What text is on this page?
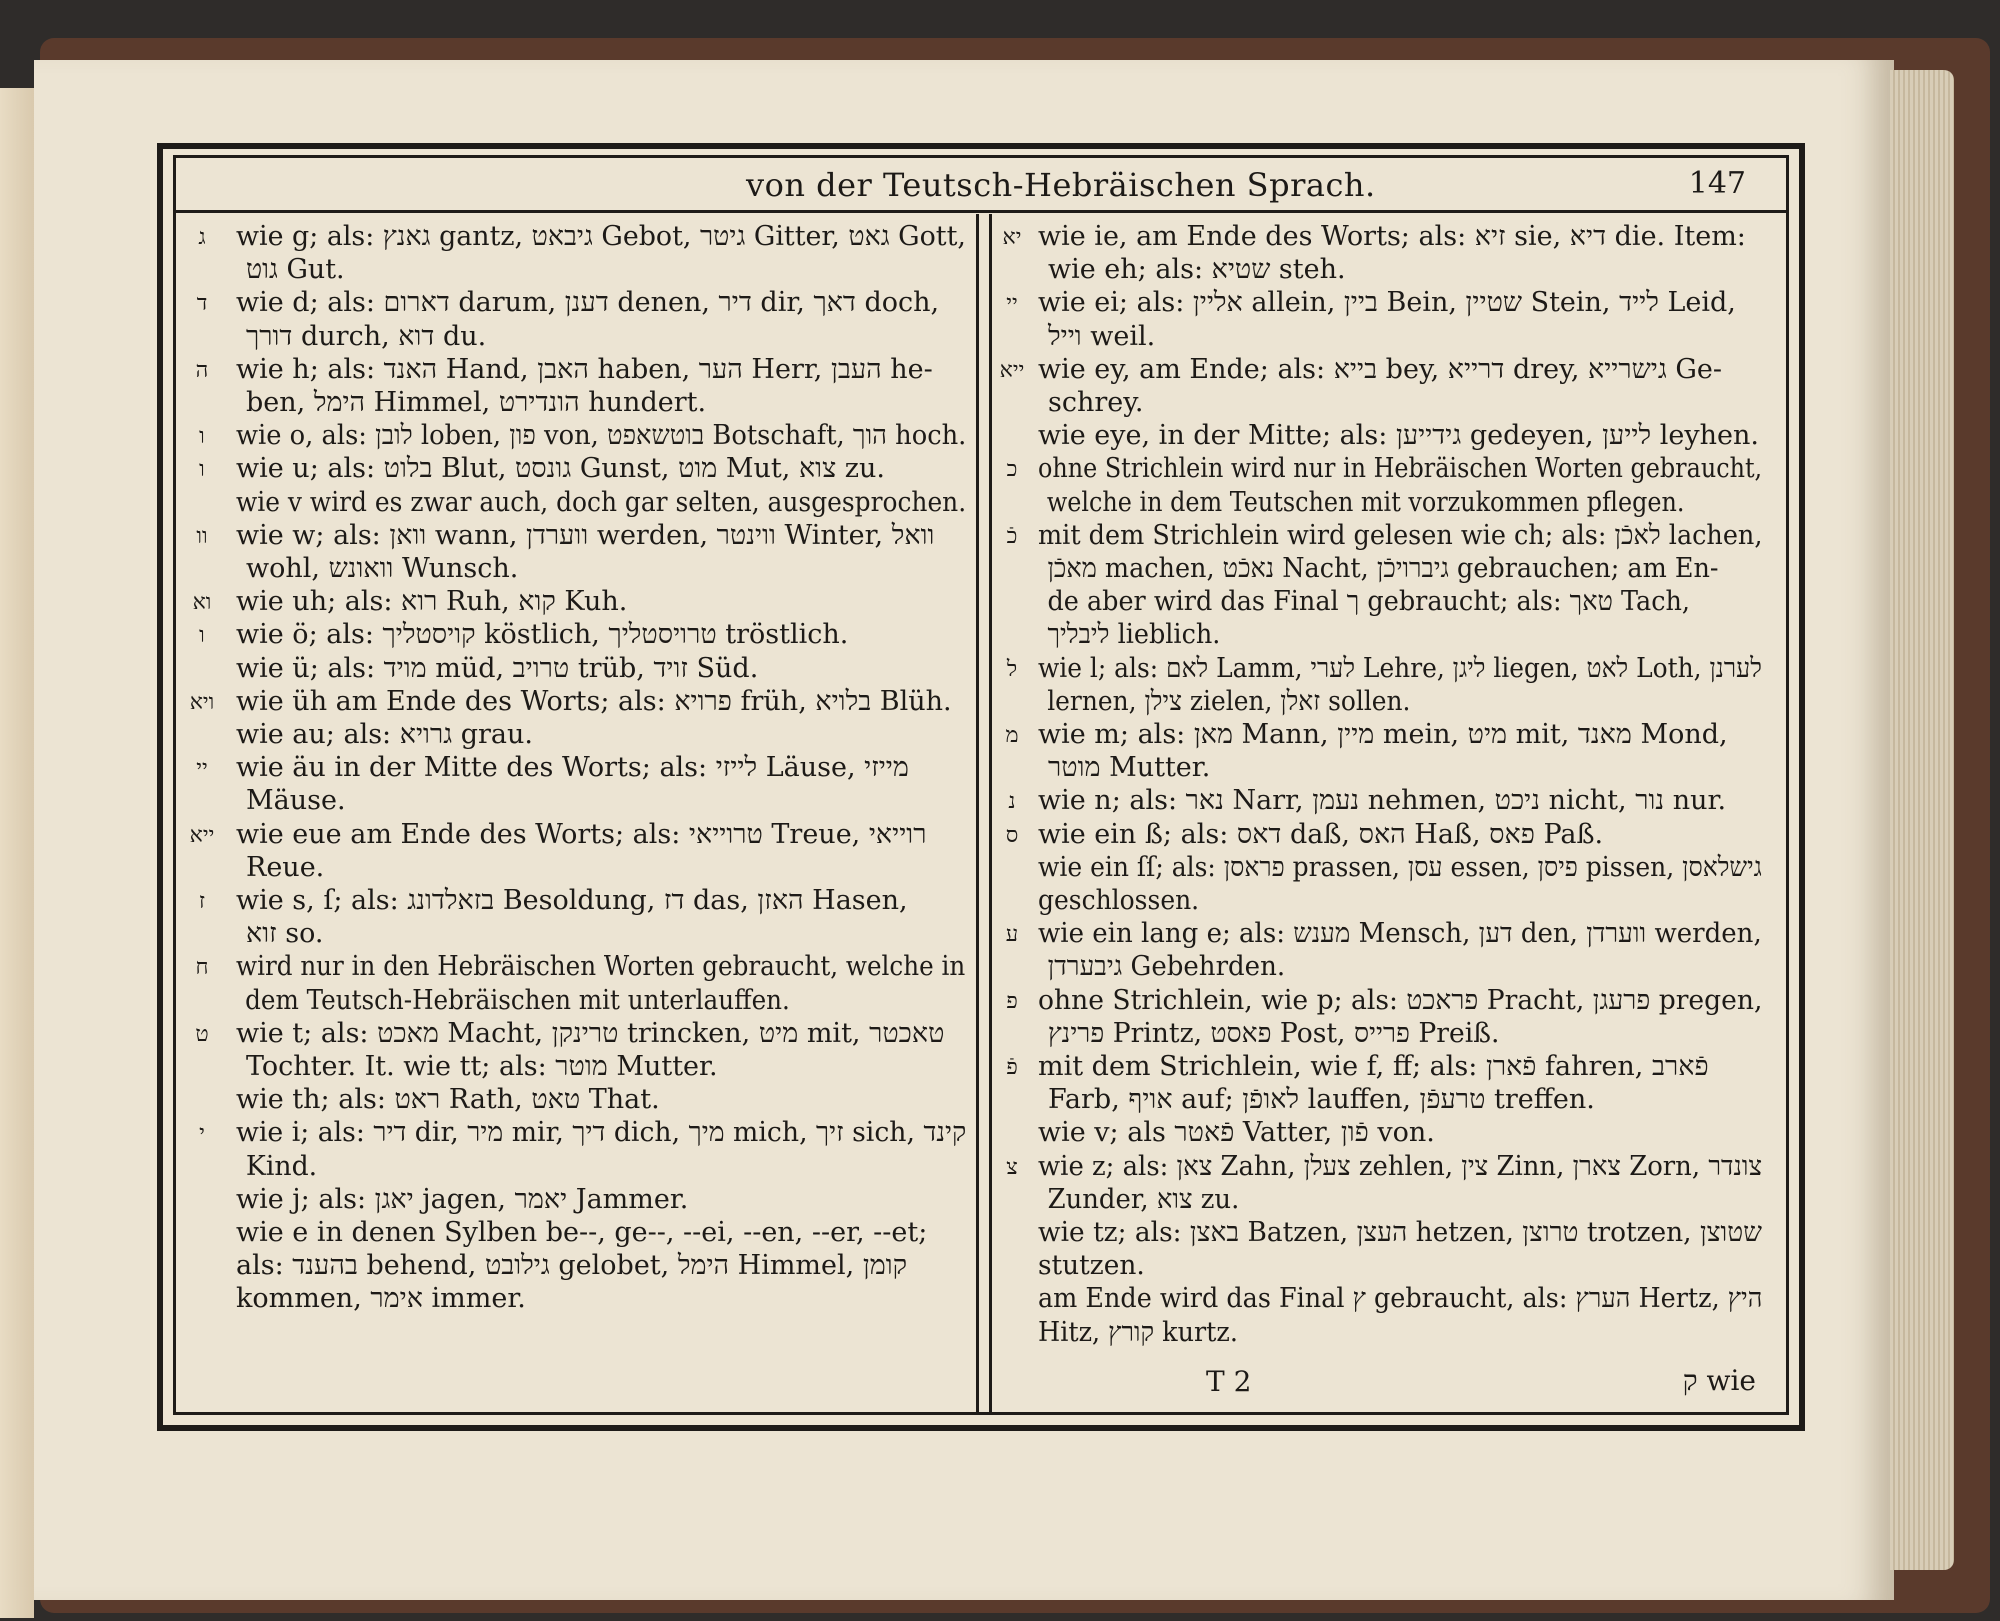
von der Teutsch-Hebräischen Sprach.	147
wie g; als: גאנץ gantz, גיבאט Gebot, גיטר Gitter, גאט Gott,
גוט Gut.
ג
wie d; als: דארום darum, דענן denen, דיר dir, דאך doch,
דורך durch, דוא du.
ד
wie h; als: האנד Hand, האבן haben, הער Herr, העבן he-
ben, הימל Himmel, הונדירט hundert.
ה
wie o, als: לובן loben, פון von, בוטשאפט Botschaft, הוך hoch.
ו
wie u; als: בלוט Blut, גונסט Gunst, מוט Mut, צוא zu.
ו
wie v wird es zwar auch, doch gar selten, ausgesprochen.
wie w; als: וואן wann, ווערדן werden, ווינטר Winter, וואל
wohl, וואונש Wunsch.
וו
wie uh; als: רוא Ruh, קוא Kuh.
וא
wie ö; als: קויסטליך köstlich, טרויסטליך tröstlich.
ו
wie ü; als: מויד müd, טרויב trüb, זויד Süd.
wie üh am Ende des Worts; als: פרויא früh, בלויא Blüh.
ויא
wie au; als: גרויא grau.
wie äu in der Mitte des Worts; als: לייזי Läuse, מייזי
Mäuse.
יי
wie eue am Ende des Worts; als: טרוייאי Treue, רוייאי
Reue.
ייא
wie s, ſ; als: בזאלדונג Besoldung, דז das, האזן Hasen,
זוא so.
ז
wird nur in den Hebräischen Worten gebraucht, welche in
dem Teutsch-Hebräischen mit unterlauffen.
ח
wie t; als: מאכט Macht, טרינקן trincken, מיט mit, טאכטר
Tochter. It. wie tt; als: מוטר Mutter.
ט
wie th; als: ראט Rath, טאט That.
wie i; als: דיר dir, מיר mir, דיך dich, מיך mich, זיך sich, קינד
Kind.
י
wie j; als: יאגן jagen, יאמר Jammer.
wie e in denen Sylben be--, ge--, --ei, --en, --er, --et;
als: בהענד behend, גילובט gelobet, הימל Himmel, קומן
kommen, אימר immer.
wie ie, am Ende des Worts; als: זיא sie, דיא die. Item:
wie eh; als: שטיא steh.
יא
wie ei; als: אליין allein, ביין Bein, שטיין Stein, לייד Leid,
וייל weil.
יי
wie ey, am Ende; als: בייא bey, דרייא drey, גישרייא Ge-
schrey.
ייא
wie eye, in der Mitte; als: גידייען gedeyen, לייען leyhen.
ohne Strichlein wird nur in Hebräischen Worten gebraucht,
welche in dem Teutschen mit vorzukommen pflegen.
כ
mit dem Strichlein wird gelesen wie ch; als: לאכֿן lachen,
מאכֿן machen, נאכֿט Nacht, גיברויכֿן gebrauchen; am En-
de aber wird das Final ך gebraucht; als: טאך Tach,
ליבליך lieblich.
כֿ
wie l; als: לאם Lamm, לערי Lehre, ליגן liegen, לאט Loth, לערנן
lernen, צילן zielen, זאלן sollen.
ל
wie m; als: מאן Mann, מיין mein, מיט mit, מאנד Mond,
מוטר Mutter.
מ
wie n; als: נאר Narr, נעמן nehmen, ניכט nicht, נור nur.
נ
wie ein ß; als: דאס daß, האס Haß, פאס Paß.
ס
wie ein ſſ; als: פראסן prassen, עסן essen, פיסן pissen, גישלאסן
geschlossen.
wie ein lang e; als: מענש Mensch, דען den, ווערדן werden,
גיבערדן Gebehrden.
ע
ohne Strichlein, wie p; als: פראכט Pracht, פרעגן pregen,
פרינץ Printz, פאסט Post, פרייס Preiß.
פ
mit dem Strichlein, wie f, ff; als: פֿארן fahren, פֿארב
Farb, אויף auf; לאופֿן lauffen, טרעפֿן treffen.
פֿ
wie v; als פֿאטר Vatter, פֿון von.
wie z; als: צאן Zahn, צעלן zehlen, צין Zinn, צארן Zorn, צונדר
Zunder, צוא zu.
צ
wie tz; als: באצן Batzen, העצן hetzen, טרוצן trotzen, שטוצן
stutzen.
am Ende wird das Final ץ gebraucht, als: הערץ Hertz, היץ
Hitz, קורץ kurtz.
T 2	ק wie
